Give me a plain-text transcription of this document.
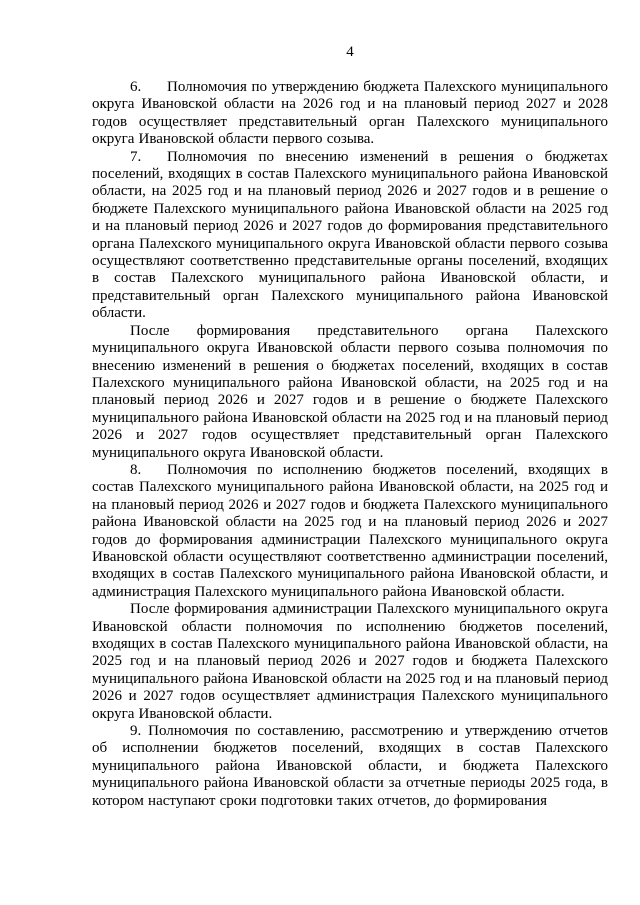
4

6. Полномочия по утверждению бюджета Палехского муниципального округа Ивановской области на 2026 год и на плановый период 2027 и 2028 годов осуществляет представительный орган Палехского муниципального округа Ивановской области первого созыва.

7. Полномочия по внесению изменений в решения о бюджетах поселений, входящих в состав Палехского муниципального района Ивановской области, на 2025 год и на плановый период 2026 и 2027 годов и в решение о бюджете Палехского муниципального района Ивановской области на 2025 год и на плановый период 2026 и 2027 годов до формирования представительного органа Палехского муниципального округа Ивановской области первого созыва осуществляют соответственно представительные органы поселений, входящих в состав Палехского муниципального района Ивановской области, и представительный орган Палехского муниципального района Ивановской области.

После формирования представительного органа Палехского муниципального округа Ивановской области первого созыва полномочия по внесению изменений в решения о бюджетах поселений, входящих в состав Палехского муниципального района Ивановской области, на 2025 год и на плановый период 2026 и 2027 годов и в решение о бюджете Палехского муниципального района Ивановской области на 2025 год и на плановый период 2026 и 2027 годов осуществляет представительный орган Палехского муниципального округа Ивановской области.

8. Полномочия по исполнению бюджетов поселений, входящих в состав Палехского муниципального района Ивановской области, на 2025 год и на плановый период 2026 и 2027 годов и бюджета Палехского муниципального района Ивановской области на 2025 год и на плановый период 2026 и 2027 годов до формирования администрации Палехского муниципального округа Ивановской области осуществляют соответственно администрации поселений, входящих в состав Палехского муниципального района Ивановской области, и администрация Палехского муниципального района Ивановской области.

После формирования администрации Палехского муниципального округа Ивановской области полномочия по исполнению бюджетов поселений, входящих в состав Палехского муниципального района Ивановской области, на 2025 год и на плановый период 2026 и 2027 годов и бюджета Палехского муниципального района Ивановской области на 2025 год и на плановый период 2026 и 2027 годов осуществляет администрация Палехского муниципального округа Ивановской области.

9. Полномочия по составлению, рассмотрению и утверждению отчетов об исполнении бюджетов поселений, входящих в состав Палехского муниципального района Ивановской области, и бюджета Палехского муниципального района Ивановской области за отчетные периоды 2025 года, в котором наступают сроки подготовки таких отчетов, до формирования
